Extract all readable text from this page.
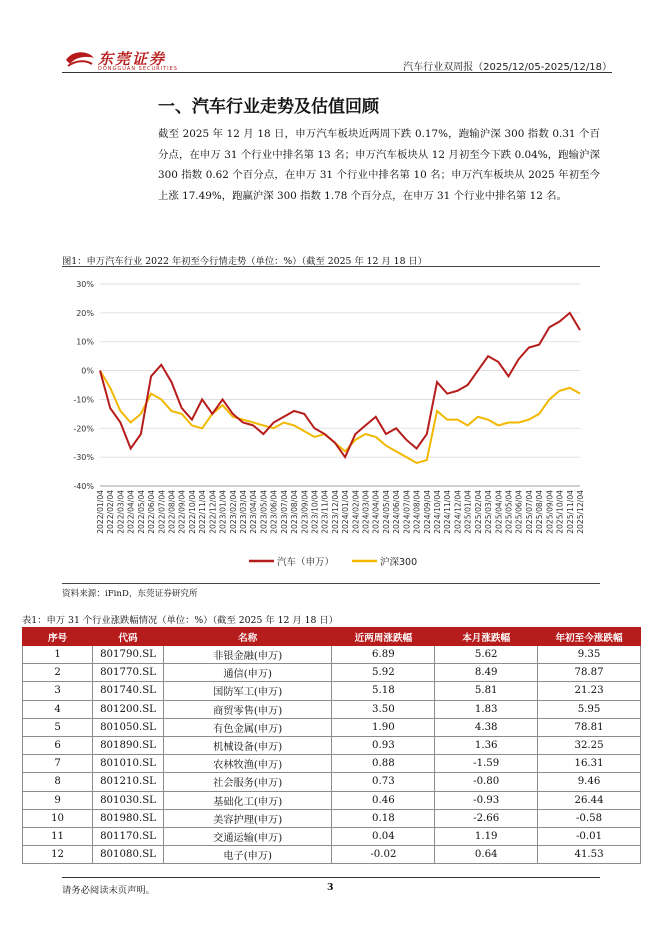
东莞证券
DONGGUAN SECURITIES	汽车行业双周报（2025/12/05-2025/12/18）
一、汽车行业走势及估值回顾
截至 2025 年 12 月 18 日，申万汽车板块近两周下跌 0.17%，跑输沪深 300 指数 0.31 个百分点，在申万 31 个行业中排名第 13 名；申万汽车板块从 12 月初至今下跌 0.04%，跑输沪深 300 指数 0.62 个百分点，在申万 31 个行业中排名第 10 名；申万汽车板块从 2025 年初至今上涨 17.49%，跑赢沪深 300 指数 1.78 个百分点，在申万 31 个行业中排名第 12 名。
图1：申万汽车行业 2022 年初至今行情走势（单位：%）（截至 2025 年 12 月 18 日）
30%
20%
10%
0%
-10%
-20%
-30%
-40%
2022/01/04 2022/02/04 2022/03/04 2022/04/04 2022/05/04 2022/06/04 2022/07/04 2022/08/04 2022/09/04 2022/10/04 2022/11/04 2022/12/04 2023/01/04 2023/02/04 2023/03/04 2023/04/04 2023/05/04 2023/06/04 2023/07/04 2023/08/04 2023/09/04 2023/10/04 2023/11/04 2023/12/04 2024/01/04 2024/02/04 2024/03/04 2024/04/04 2024/05/04 2024/06/04 2024/07/04 2024/08/04 2024/09/04 2024/10/04 2024/11/04 2024/12/04 2025/01/04 2025/02/04 2025/03/04 2025/04/04 2025/05/04 2025/06/04 2025/07/04 2025/08/04 2025/09/04 2025/10/04 2025/11/04 2025/12/04
汽车（申万）	沪深300
资料来源：iFinD，东莞证券研究所
表1：申万 31 个行业涨跌幅情况（单位：%）（截至 2025 年 12 月 18 日）
序号	代码	名称	近两周涨跌幅	本月涨跌幅	年初至今涨跌幅
1	801790.SL	非银金融(申万)	6.89	5.62	9.35
2	801770.SL	通信(申万)	5.92	8.49	78.87
3	801740.SL	国防军工(申万)	5.18	5.81	21.23
4	801200.SL	商贸零售(申万)	3.50	1.83	5.95
5	801050.SL	有色金属(申万)	1.90	4.38	78.81
6	801890.SL	机械设备(申万)	0.93	1.36	32.25
7	801010.SL	农林牧渔(申万)	0.88	-1.59	16.31
8	801210.SL	社会服务(申万)	0.73	-0.80	9.46
9	801030.SL	基础化工(申万)	0.46	-0.93	26.44
10	801980.SL	美容护理(申万)	0.18	-2.66	-0.58
11	801170.SL	交通运输(申万)	0.04	1.19	-0.01
12	801080.SL	电子(申万)	-0.02	0.64	41.53
请务必阅读末页声明。	3
